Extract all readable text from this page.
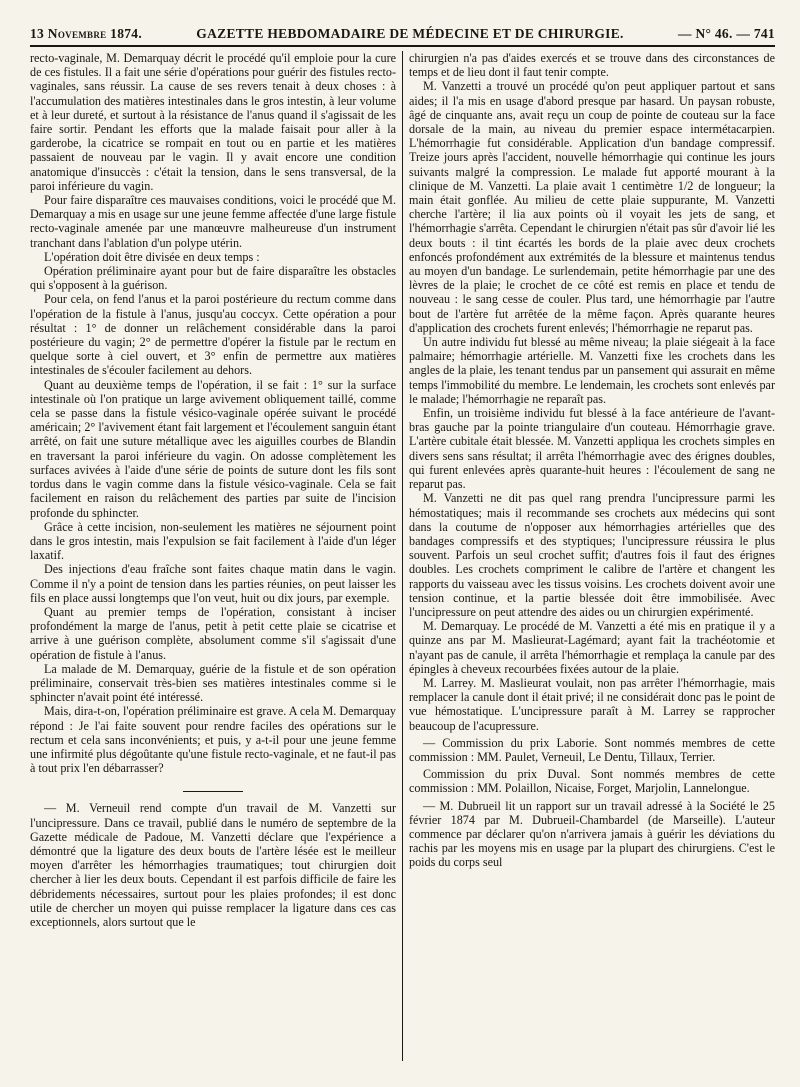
13 Novembre 1874.	GAZETTE HEBDOMADAIRE DE MÉDECINE ET DE CHIRURGIE.	— N° 46. — 741

recto-vaginale, M. Demarquay décrit le procédé qu'il emploie pour la cure de ces fistules. Il a fait une série d'opérations pour guérir des fistules recto-vaginales, sans réussir. La cause de ses revers tenait à deux choses : à l'accumulation des matières intestinales dans le gros intestin, à leur volume et à leur dureté, et surtout à la résistance de l'anus quand il s'agissait de les faire sortir. Pendant les efforts que la malade faisait pour aller à la garderobe, la cicatrice se rompait en tout ou en partie et les matières passaient de nouveau par le vagin. Il y avait encore une condition anatomique d'insuccès : c'était la tension, dans le sens transversal, de la paroi inférieure du vagin.

Pour faire disparaître ces mauvaises conditions, voici le procédé que M. Demarquay a mis en usage sur une jeune femme affectée d'une large fistule recto-vaginale amenée par une manœuvre malheureuse d'un instrument tranchant dans l'ablation d'un polype utérin.

L'opération doit être divisée en deux temps :

Opération préliminaire ayant pour but de faire disparaître les obstacles qui s'opposent à la guérison.

Pour cela, on fend l'anus et la paroi postérieure du rectum comme dans l'opération de la fistule à l'anus, jusqu'au coccyx. Cette opération a pour résultat : 1° de donner un relâchement considérable dans la paroi postérieure du vagin; 2° de permettre d'opérer la fistule par le rectum en quelque sorte à ciel ouvert, et 3° enfin de permettre aux matières intestinales de s'écouler facilement au dehors.

Quant au deuxième temps de l'opération, il se fait : 1° sur la surface intestinale où l'on pratique un large avivement obliquement taillé, comme cela se passe dans la fistule vésico-vaginale opérée suivant le procédé américain; 2° l'avivement étant fait largement et l'écoulement sanguin étant arrêté, on fait une suture métallique avec les aiguilles courbes de Blandin en traversant la paroi inférieure du vagin. On adosse complètement les surfaces avivées à l'aide d'une série de points de suture dont les fils sont tordus dans le vagin comme dans la fistule vésico-vaginale. Cela se fait facilement en raison du relâchement des parties par suite de l'incision profonde du sphincter.

Grâce à cette incision, non-seulement les matières ne séjournent point dans le gros intestin, mais l'expulsion se fait facilement à l'aide d'un léger laxatif.

Des injections d'eau fraîche sont faites chaque matin dans le vagin. Comme il n'y a point de tension dans les parties réunies, on peut laisser les fils en place aussi longtemps que l'on veut, huit ou dix jours, par exemple.

Quant au premier temps de l'opération, consistant à inciser profondément la marge de l'anus, petit à petit cette plaie se cicatrise et arrive à une guérison complète, absolument comme s'il s'agissait d'une opération de fistule à l'anus.

La malade de M. Demarquay, guérie de la fistule et de son opération préliminaire, conservait très-bien ses matières intestinales comme si le sphincter n'avait point été intéressé.

Mais, dira-t-on, l'opération préliminaire est grave. A cela M. Demarquay répond : Je l'ai faite souvent pour rendre faciles des opérations sur le rectum et cela sans inconvénients; et puis, y a-t-il pour une jeune femme une infirmité plus dégoûtante qu'une fistule recto-vaginale, et ne faut-il pas à tout prix l'en débarrasser?

— M. Verneuil rend compte d'un travail de M. Vanzetti sur l'uncipressure. Dans ce travail, publié dans le numéro de septembre de la Gazette médicale de Padoue, M. Vanzetti déclare que l'expérience a démontré que la ligature des deux bouts de l'artère lésée est le meilleur moyen d'arrêter les hémorrhagies traumatiques; tout chirurgien doit chercher à lier les deux bouts. Cependant il est parfois difficile de faire les débridements nécessaires, surtout pour les plaies profondes; il est donc utile de chercher un moyen qui puisse remplacer la ligature dans ces cas exceptionnels, alors surtout que le

chirurgien n'a pas d'aides exercés et se trouve dans des circonstances de temps et de lieu dont il faut tenir compte.

M. Vanzetti a trouvé un procédé qu'on peut appliquer partout et sans aides; il l'a mis en usage d'abord presque par hasard. Un paysan robuste, âgé de cinquante ans, avait reçu un coup de pointe de couteau sur la face dorsale de la main, au niveau du premier espace intermétacarpien. L'hémorrhagie fut considérable. Application d'un bandage compressif. Treize jours après l'accident, nouvelle hémorrhagie qui continue les jours suivants malgré la compression. Le malade fut apporté mourant à la clinique de M. Vanzetti. La plaie avait 1 centimètre 1/2 de longueur; la main était gonflée. Au milieu de cette plaie suppurante, M. Vanzetti cherche l'artère; il lia aux points où il voyait les jets de sang, et l'hémorrhagie s'arrêta. Cependant le chirurgien n'était pas sûr d'avoir lié les deux bouts : il tint écartés les bords de la plaie avec deux crochets enfoncés profondément aux extrémités de la blessure et maintenus tendus au moyen d'un bandage. Le surlendemain, petite hémorrhagie par une des lèvres de la plaie; le crochet de ce côté est remis en place et tendu de nouveau : le sang cesse de couler. Plus tard, une hémorrhagie par l'autre bout de l'artère fut arrêtée de la même façon. Après quarante heures d'application des crochets furent enlevés; l'hémorrhagie ne reparut pas.

Un autre individu fut blessé au même niveau; la plaie siégeait à la face palmaire; hémorrhagie artérielle. M. Vanzetti fixe les crochets dans les angles de la plaie, les tenant tendus par un pansement qui assurait en même temps l'immobilité du membre. Le lendemain, les crochets sont enlevés par le malade; l'hémorrhagie ne reparaît pas.

Enfin, un troisième individu fut blessé à la face antérieure de l'avant-bras gauche par la pointe triangulaire d'un couteau. Hémorrhagie grave. L'artère cubitale était blessée. M. Vanzetti appliqua les crochets simples en divers sens sans résultat; il arrêta l'hémorrhagie avec des érignes doubles, qui furent enlevées après quarante-huit heures : l'écoulement de sang ne reparut pas.

M. Vanzetti ne dit pas quel rang prendra l'uncipressure parmi les hémostatiques; mais il recommande ses crochets aux médecins qui sont dans la coutume de n'opposer aux hémorrhagies artérielles que des bandages compressifs et des styptiques; l'uncipressure réussira le plus souvent. Parfois un seul crochet suffit; d'autres fois il faut des érignes doubles. Les crochets compriment le calibre de l'artère et changent les rapports du vaisseau avec les tissus voisins. Les crochets doivent avoir une tension continue, et la partie blessée doit être immobilisée. Avec l'uncipressure on peut attendre des aides ou un chirurgien expérimenté.

M. Demarquay. Le procédé de M. Vanzetti a été mis en pratique il y a quinze ans par M. Maslieurat-Lagémard; ayant fait la trachéotomie et n'ayant pas de canule, il arrêta l'hémorrhagie et remplaça la canule par des épingles à cheveux recourbées fixées autour de la plaie.

M. Larrey. M. Maslieurat voulait, non pas arrêter l'hémorrhagie, mais remplacer la canule dont il était privé; il ne considérait donc pas le point de vue hémostatique. L'uncipressure paraît à M. Larrey se rapprocher beaucoup de l'acupressure.

— Commission du prix Laborie. Sont nommés membres de cette commission : MM. Paulet, Verneuil, Le Dentu, Tillaux, Terrier.

Commission du prix Duval. Sont nommés membres de cette commission : MM. Polaillon, Nicaise, Forget, Marjolin, Lannelongue.

— M. Dubrueil lit un rapport sur un travail adressé à la Société le 25 février 1874 par M. Dubrueil-Chambardel (de Marseille). L'auteur commence par déclarer qu'on n'arrivera jamais à guérir les déviations du rachis par les moyens mis en usage par la plupart des chirurgiens. C'est le poids du corps seul
